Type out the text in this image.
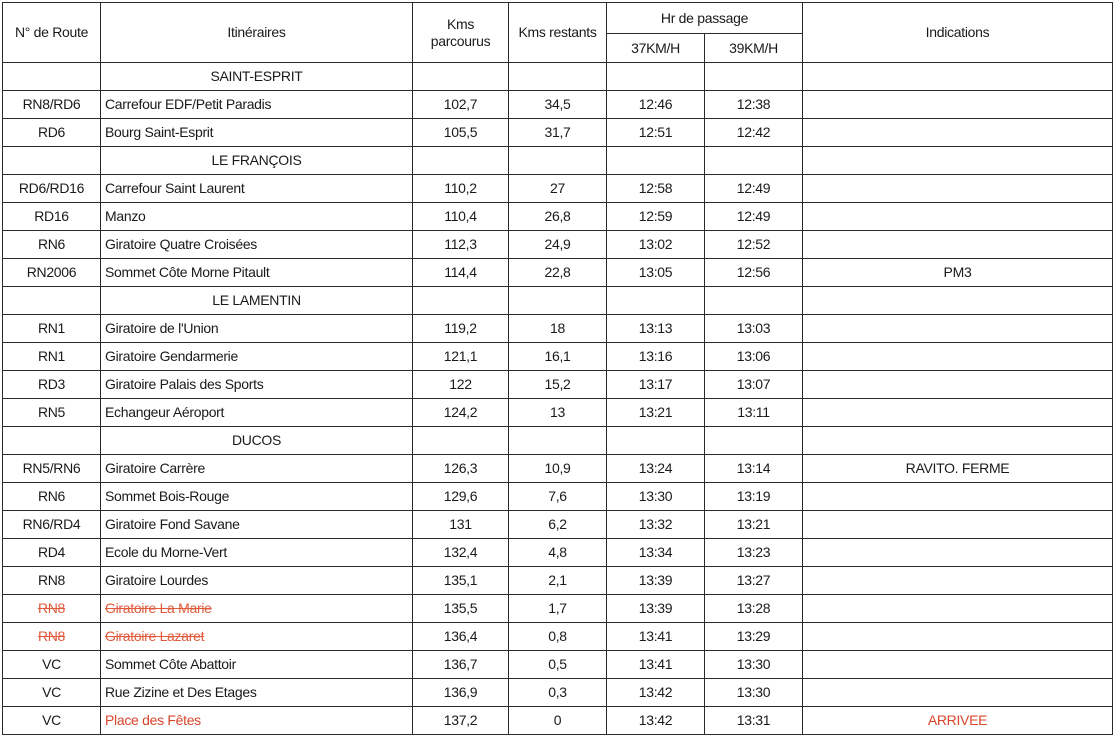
N° de Route	Itinéraires	Kms parcourus	Kms restants	Hr de passage		Indications
				37KM/H	39KM/H	
	SAINT-ESPRIT					
RN8/RD6	Carrefour EDF/Petit Paradis	102,7	34,5	12:46	12:38	
RD6	Bourg Saint-Esprit	105,5	31,7	12:51	12:42	
	LE FRANÇOIS					
RD6/RD16	Carrefour Saint Laurent	110,2	27	12:58	12:49	
RD16	Manzo	110,4	26,8	12:59	12:49	
RN6	Giratoire Quatre Croisées	112,3	24,9	13:02	12:52	
RN2006	Sommet Côte Morne Pitault	114,4	22,8	13:05	12:56	PM3
	LE LAMENTIN					
RN1	Giratoire de l'Union	119,2	18	13:13	13:03	
RN1	Giratoire Gendarmerie	121,1	16,1	13:16	13:06	
RD3	Giratoire Palais des Sports	122	15,2	13:17	13:07	
RN5	Echangeur Aéroport	124,2	13	13:21	13:11	
	DUCOS					
RN5/RN6	Giratoire Carrère	126,3	10,9	13:24	13:14	RAVITO. FERME
RN6	Sommet Bois-Rouge	129,6	7,6	13:30	13:19	
RN6/RD4	Giratoire Fond Savane	131	6,2	13:32	13:21	
RD4	Ecole du Morne-Vert	132,4	4,8	13:34	13:23	
RN8	Giratoire Lourdes	135,1	2,1	13:39	13:27	
RN8	Giratoire La Marie	135,5	1,7	13:39	13:28	
RN8	Giratoire Lazaret	136,4	0,8	13:41	13:29	
VC	Sommet Côte Abattoir	136,7	0,5	13:41	13:30	
VC	Rue Zizine et Des Etages	136,9	0,3	13:42	13:30	
VC	Place des Fêtes	137,2	0	13:42	13:31	ARRIVEE
